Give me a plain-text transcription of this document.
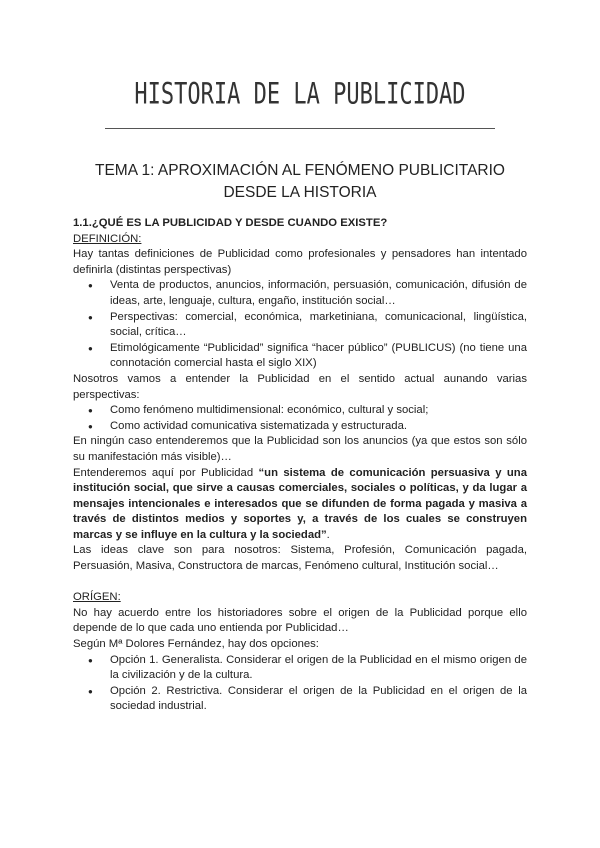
HISTORIA DE LA PUBLICIDAD
TEMA 1: APROXIMACIÓN AL FENÓMENO PUBLICITARIO
DESDE LA HISTORIA

1.1.¿QUÉ ES LA PUBLICIDAD Y DESDE CUANDO EXISTE?

DEFINICIÓN:

Hay tantas definiciones de Publicidad como profesionales y pensadores han intentado definirla (distintas perspectivas)

● Venta de productos, anuncios, información, persuasión, comunicación, difusión de ideas, arte, lenguaje, cultura, engaño, institución social…
● Perspectivas: comercial, económica, marketiniana, comunicacional, lingüística, social, crítica…
● Etimológicamente “Publicidad” significa “hacer público” (PUBLICUS) (no tiene una connotación comercial hasta el siglo XIX)

Nosotros vamos a entender la Publicidad en el sentido actual aunando varias perspectivas:

● Como fenómeno multidimensional: económico, cultural y social;
● Como actividad comunicativa sistematizada y estructurada.

En ningún caso entenderemos que la Publicidad son los anuncios (ya que estos son sólo su manifestación más visible)…

Entenderemos aquí por Publicidad “un sistema de comunicación persuasiva y una institución social, que sirve a causas comerciales, sociales o políticas, y da lugar a mensajes intencionales e interesados que se difunden de forma pagada y masiva a través de distintos medios y soportes y, a través de los cuales se construyen marcas y se influye en la cultura y la sociedad”.

Las ideas clave son para nosotros: Sistema, Profesión, Comunicación pagada, Persuasión, Masiva, Constructora de marcas, Fenómeno cultural, Institución social…

ORÍGEN:

No hay acuerdo entre los historiadores sobre el origen de la Publicidad porque ello depende de lo que cada uno entienda por Publicidad…

Según Mª Dolores Fernández, hay dos opciones:

● Opción 1. Generalista. Considerar el origen de la Publicidad en el mismo origen de la civilización y de la cultura.
● Opción 2. Restrictiva. Considerar el origen de la Publicidad en el origen de la sociedad industrial.
